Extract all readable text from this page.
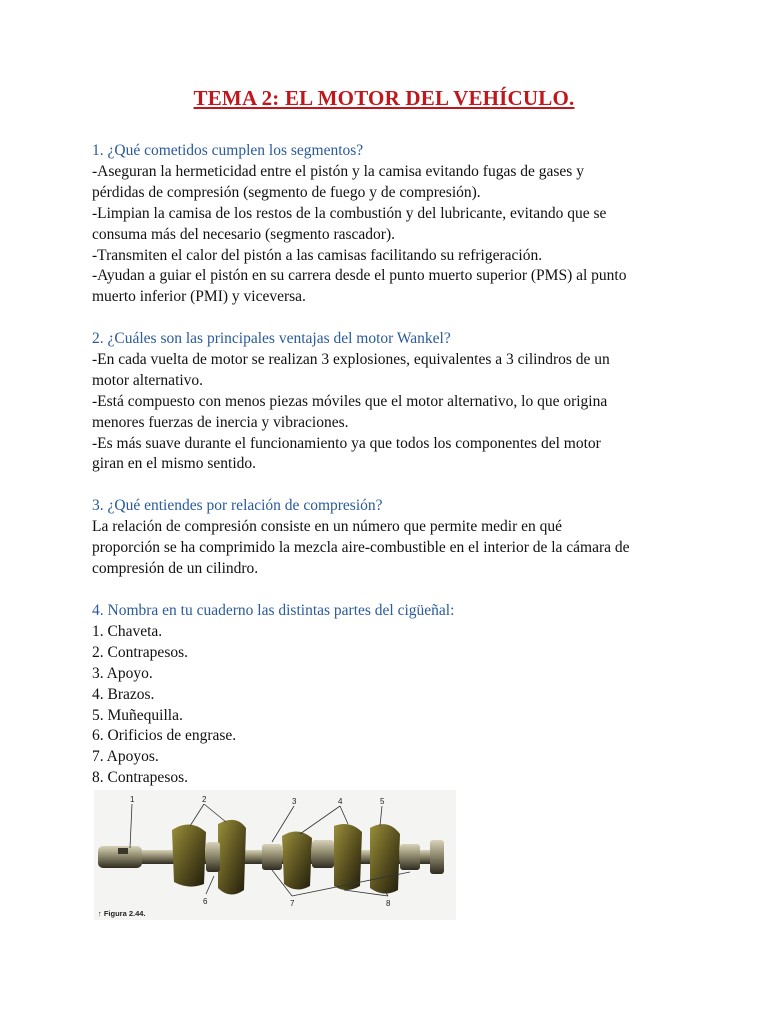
TEMA 2: EL MOTOR DEL VEHÍCULO.
1. ¿Qué cometidos cumplen los segmentos?
-Aseguran la hermeticidad entre el pistón y la camisa evitando fugas de gases y
pérdidas de compresión (segmento de fuego y de compresión).
-Limpian la camisa de los restos de la combustión y del lubricante, evitando que se
consuma más del necesario (segmento rascador).
-Transmiten el calor del pistón a las camisas facilitando su refrigeración.
-Ayudan a guiar el pistón en su carrera desde el punto muerto superior (PMS) al punto
muerto inferior (PMI) y viceversa.
2. ¿Cuáles son las principales ventajas del motor Wankel?
-En cada vuelta de motor se realizan 3 explosiones, equivalentes a 3 cilindros de un
motor alternativo.
-Está compuesto con menos piezas móviles que el motor alternativo, lo que origina
menores fuerzas de inercia y vibraciones.
-Es más suave durante el funcionamiento ya que todos los componentes del motor
giran en el mismo sentido.
3. ¿Qué entiendes por relación de compresión?
La relación de compresión consiste en un número que permite medir en qué
proporción se ha comprimido la mezcla aire-combustible en el interior de la cámara de
compresión de un cilindro.
4. Nombra en tu cuaderno las distintas partes del cigüeñal:
1. Chaveta.
2. Contrapesos.
3. Apoyo.
4. Brazos.
5. Muñequilla.
6. Orificios de engrase.
7. Apoyos.
8. Contrapesos.
1	2	3	4	5
6	7	8
↑ Figura 2.44.
